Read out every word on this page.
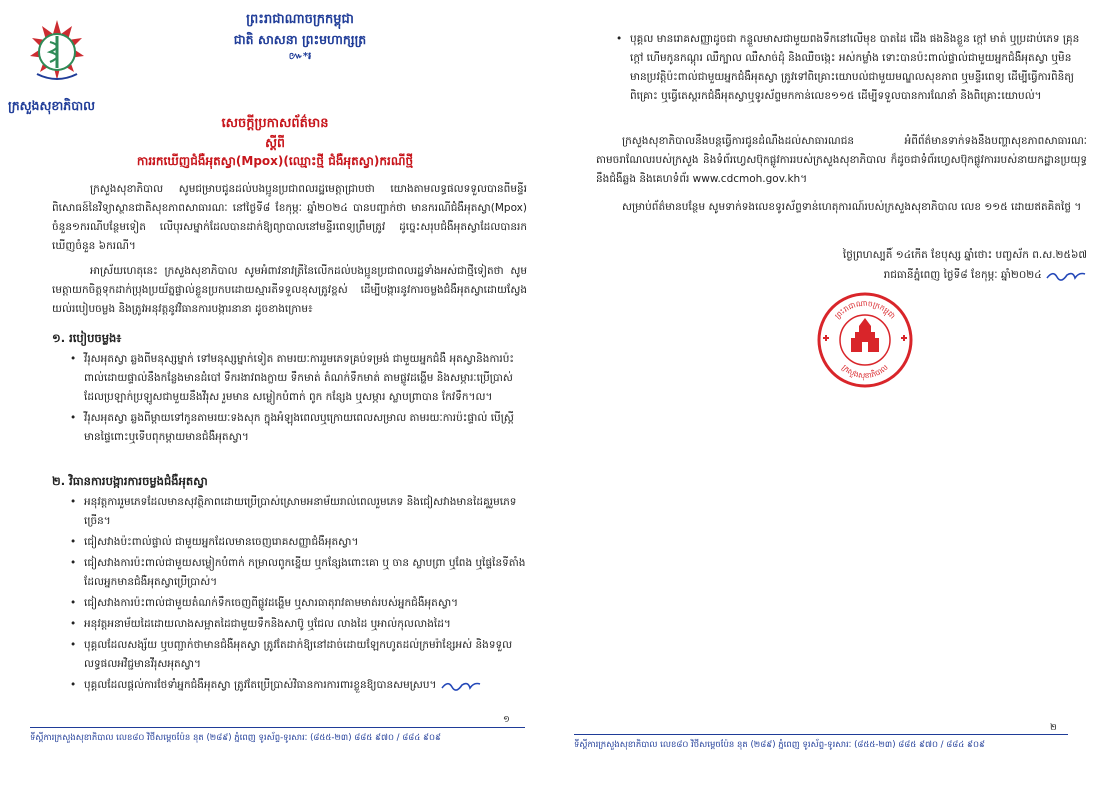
ក្រសួងសុខាភិបាល
ព្រះរាជាណាចក្រកម្ពុជា
ជាតិ សាសនា ព្រះមហាក្សត្រ
៚*៛
សេចក្តីប្រកាសព័ត៌មាន
ស្តីពី
ការរកឃើញជំងឺអុតស្វា(Mpox)(ឈ្មោះថ្មី ជំងឺអុតស្វា)ករណីថ្មី
ក្រសួងសុខាភិបាល សូមជម្រាបជូនដល់បងប្អូនប្រជាពលរដ្ឋមេត្តាជ្រាបថា យោងតាមលទ្ធផលទទួលបានពីមន្ទីរពិសោធន៍នៃវិទ្យាស្ថានជាតិសុខភាពសាធារណៈ នៅថ្ងៃទី៨ ខែកុម្ភៈ ឆ្នាំ២០២៤ បានបញ្ជាក់ថា មានករណីជំងឺអុតស្វា(Mpox) ចំនួន១ករណីបន្ថែមទៀត លើបុរសម្នាក់ដែលបានដាក់ឱ្យព្យាបាលនៅមន្ទីរពេទ្យព្រឹមត្រូវ ដូច្នេះសរុបជំងឺអុតស្វាដែលបានរកឃើញចំនួន ៦ករណី។
អាស្រ័យហេតុនេះ ក្រសួងសុខាភិបាល សូមអំពាវនាវត្រីនៃលើកដល់បងប្អូនប្រជាពលរដ្ឋទាំងអស់ជាថ្មីទៀតថា សូមមេត្តាយកចិត្តទុកដាក់ប្រុងប្រយ័ត្នផ្ទាល់ខ្លួនប្រកបដោយស្មារតីទទួលខុសត្រូវខ្ពស់ ដើម្បីបង្ការនូវការចម្លងជំងឺអុតស្វាដោយស្វែងយល់របៀបចម្លង និងត្រូវអនុវត្តនូវវិធានការបង្ការនានា ដូចខាងក្រោម៖
១. របៀបចម្លង៖
• វីរុសអុតស្វា ឆ្លងពីមនុស្សម្នាក់ ទៅមនុស្សម្នាក់ទៀត តាមរយៈការរួមភេទគ្រប់ទម្រង់ ជាមួយអ្នកជំងឺ អុតស្វានិងការប៉ះពាល់ដោយផ្ទាល់នឹងកន្លែងមានដំបៅ ទឹករងាវពងក្លាយ ទឹកមាត់ តំណក់ទឹកមាត់ តាមផ្លូវដង្ហើម និងសម្ភារៈប្រើប្រាស់ដែលប្រឡាក់ប្រឡូសជាមួយនឹងវីរុស រួមមាន សម្លៀកបំពាក់ ពូក កន្សែង ឬសម្ភារ ស្លាបព្រាបាន កែវទឹក។ល។
• វីរុសអុតស្វា ឆ្លងពីម្តាយទៅកូនតាមរយៈទងសុក ក្នុងអំឡុងពេលឬក្រោយពេលសម្រាល តាមរយៈការប៉ះផ្ទាល់ បើស្ត្រីមានផ្ទៃពោះឬទើបពុកម្តាយមានជំងឺអុតស្វា។
២. វិធានការបង្ការការចម្លងជំងឺអុតស្វា
• អនុវត្តការរួមភេទដែលមានសុវត្ថិភាពដោយប្រើប្រាស់ស្រោមអនាម័យរាល់ពេលរួមភេទ និងជៀសវាងមានដៃគូរួមភេទច្រើន។
• ជៀសវាងប៉ះពាល់ផ្ទាល់ ជាមួយអ្នកដែលមានចេញរោគសញ្ញាជំងឺអុតស្វា។
• ជៀសវាងការប៉ះពាល់ជាមួយសម្លៀកបំពាក់ កម្រាលពូកខ្នើយ ឬកន្សែងពោះគោ ឬ ចាន ស្លាបព្រា ឬពែង ឬផ្ទៃនៃទីតាំង ដែលអ្នកមានជំងឺអុតស្វាប្រើប្រាស់។
• ជៀសវាងការប៉ះពាល់ជាមួយតំណក់ទឹកចេញពីផ្លូវដង្ហើម ឬសារធាតុរាវតាមមាត់របស់អ្នកជំងឺអុតស្វា។
• អនុវត្តអនាម័យដៃដោយលាងសម្អាតដៃជាមួយទឹកនិងសាប៊ូ ឬជែល លាងដៃ ឬអាល់កុលលាងដៃ។
• បុគ្គលដែលសង្ស័យ ឬបញ្ជាក់ថាមានជំងឺអុតស្វា ត្រូវតែដាក់ឱ្យនៅដាច់ដោយឡែកហូតដល់ក្រមរ៉ាខ្សែអស់ និងទទួលលទ្ធផលអវិជ្ជមានវីរុសអុតស្វា។
• បុគ្គលដែលផ្តល់ការថែទាំអ្នកជំងឺអុតស្វា ត្រូវតែប្រើប្រាស់វិធានការការពារខ្លួនឱ្យបានសមស្រប។
១
ទីស្តីការក្រសួងសុខាភិបាល លេខ៨០ វិថីសម្តេចប៉ែន នុត (២៨៩) ភ្នំពេញ ទូរស័ព្ទ-ទូរសារៈ (៨៥៥-២៣) ៨៨៥ ៩៧០ / ៨៨៤ ៩០៩
• បុគ្គល មានរោគសញ្ញាដូចជា កន្ទួលមាសជាមួយពងទឹកនៅលើមុខ បាតដៃ ជើង ផងនិងខ្លួន ក្តៅ មាត់ ឬប្រដាប់ភេទ គ្រុនក្តៅ ហើមកូនកណ្តុរ ឈឺក្បាល ឈឺសាច់ដុំ និងឈឺចង្កេះ អស់កម្លាំង ទោះបានប៉ះពាល់ផ្ទាល់ជាមួយអ្នកជំងឺអុតស្វា ឬមិនមានប្រវត្តិប៉ះពាល់ជាមួយអ្នកជំងឺអុតស្វា ត្រូវទៅពិគ្រោះយោបល់ជាមួយមណ្ឌលសុខភាព ឬមន្ទីរពេទ្យ ដើម្បីធ្វើការពិនិត្យ ពិគ្រោះ ឬធ្វើតេស្តរកជំងឺអុតស្វាឬទូរស័ព្ទមកកាន់លេខ១១៥ ដើម្បីទទួលបានការណែនាំ និងពិគ្រោះយោបល់។
ក្រសួងសុខាភិបាលនឹងបន្តធ្វើការជូនដំណឹងដល់សាធារណជន អំពីព័ត៌មានទាក់ទងនឹងបញ្ហាសុខភាពសាធារណៈ តាមចរាណែលរបស់ក្រសួង និងទំព័រហ្វេសប៊ុកផ្លូវការរបស់ក្រសួងសុខាភិបាល ក៏ដូចជាទំព័រហ្វេសប៊ុកផ្លូវការរបស់នាយកដ្ឋានប្រយុទ្ធនឹងជំងឺឆ្លង និងគេហទំព័រ www.cdcmoh.gov.kh។
សម្រាប់ព័ត៌មានបន្ថែម សូមទាក់ទងលេខទូរស័ព្ទទាន់ហេតុការណ៍របស់ក្រសួងសុខាភិបាល លេខ ១១៥ ដោយឥតគិតថ្លៃ ។
ថ្ងៃព្រហស្បតិ៍ ១៤កើត ខែបុស្ស ឆ្នាំថោះ បញ្ចស័ក ព.ស.២៥៦៧
រាជធានីភ្នំពេញ ថ្ងៃទី៨ ខែកុម្ភៈ ឆ្នាំ២០២៤
ព្រះរាជាណាចក្រកម្ពុជា
ក្រសួងសុខាភិបាល
២
ទីស្តីការក្រសួងសុខាភិបាល លេខ៨០ វិថីសម្តេចប៉ែន នុត (២៨៩) ភ្នំពេញ ទូរស័ព្ទ-ទូរសារៈ (៨៥៥-២៣) ៨៨៥ ៩៧០ / ៨៨៤ ៩០៩
